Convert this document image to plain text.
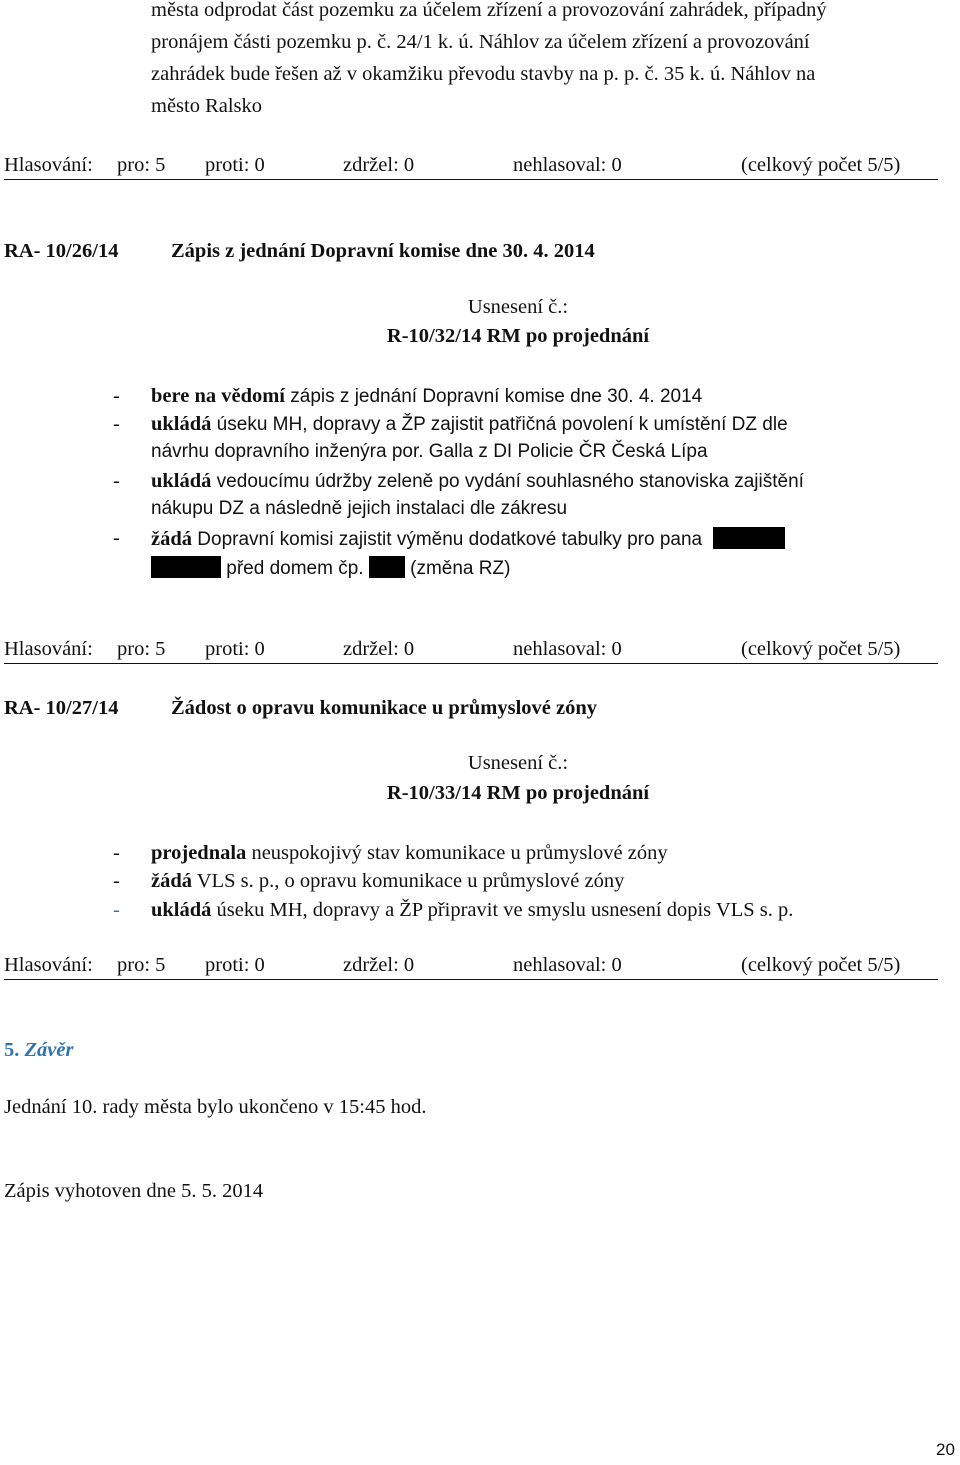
města odprodat část pozemku za účelem zřízení a provozování zahrádek, případný
pronájem části pozemku p. č. 24/1 k. ú. Náhlov za účelem zřízení a provozování
zahrádek bude řešen až v okamžiku převodu stavby na p. p. č. 35 k. ú. Náhlov na
město Ralsko
Hlasování: pro: 5 proti: 0	zdržel: 0	nehlasoval: 0	(celkový počet 5/5)
RA- 10/26/14	Zápis z jednání Dopravní komise dne 30. 4. 2014
Usnesení č.:
R-10/32/14 RM po projednání
- bere na vědomí zápis z jednání Dopravní komise dne 30. 4. 2014
- ukládá úseku MH, dopravy a ŽP zajistit patřičná povolení k umístění DZ dle
návrhu dopravního inženýra por. Galla z DI Policie ČR Česká Lípa
- ukládá vedoucímu údržby zeleně po vydání souhlasného stanoviska zajištění
nákupu DZ a následně jejich instalaci dle zákresu
- žádá Dopravní komisi zajistit výměnu dodatkové tabulky pro pana
před domem čp.  (změna RZ)
Hlasování: pro: 5 proti: 0	zdržel: 0	nehlasoval: 0	(celkový počet 5/5)
RA- 10/27/14	Žádost o opravu komunikace u průmyslové zóny
Usnesení č.:
R-10/33/14 RM po projednání
- projednala neuspokojivý stav komunikace u průmyslové zóny
- žádá VLS s. p., o opravu komunikace u průmyslové zóny
- ukládá úseku MH, dopravy a ŽP připravit ve smyslu usnesení dopis VLS s. p.
Hlasování: pro: 5 proti: 0	zdržel: 0	nehlasoval: 0	(celkový počet 5/5)
5. Závěr
Jednání 10. rady města bylo ukončeno v 15:45 hod.
Zápis vyhotoven dne 5. 5. 2014
20
